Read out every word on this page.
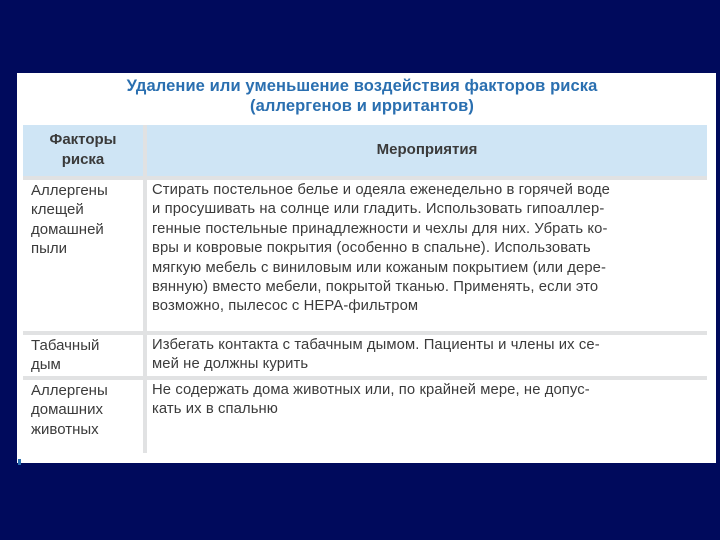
Удаление или уменьшение воздействия факторов риска
(аллергенов и ирритантов)
Факторы
риска
Мероприятия
Аллергены
клещей
домашней
пыли
Стирать постельное белье и одеяла еженедельно в горячей воде
и просушивать на солнце или гладить. Использовать гипоаллер-
генные постельные принадлежности и чехлы для них. Убрать ко-
вры и ковровые покрытия (особенно в спальне). Использовать
мягкую мебель с виниловым или кожаным покрытием (или дере-
вянную) вместо мебели, покрытой тканью. Применять, если это
возможно, пылесос с НЕРА-фильтром
Табачный
дым
Избегать контакта с табачным дымом. Пациенты и члены их се-
мей не должны курить
Аллергены
домашних
животных
Не содержать дома животных или, по крайней мере, не допус-
кать их в спальню
